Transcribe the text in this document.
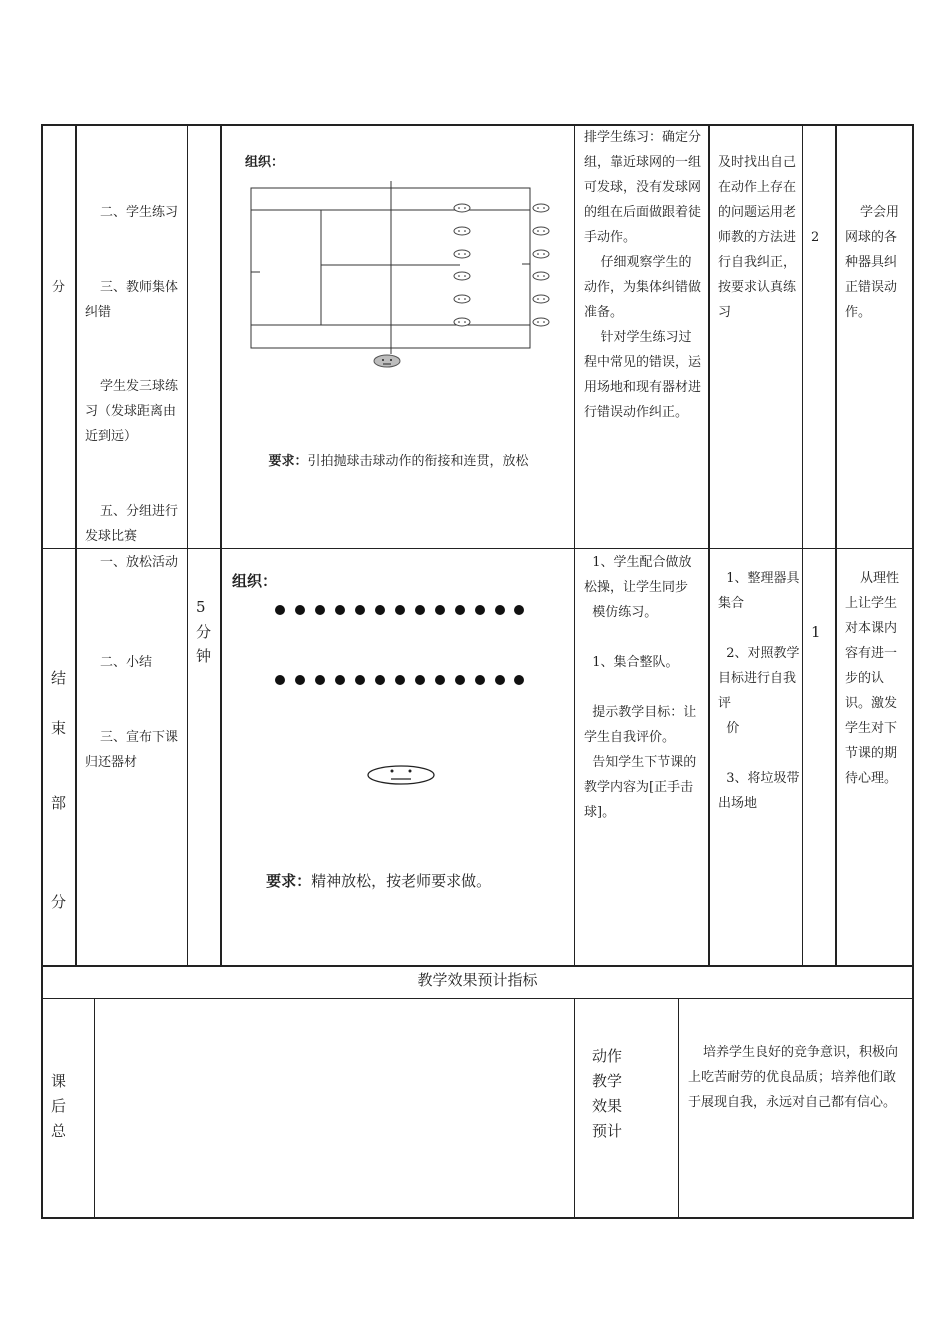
分
二、学生练习
三、教师集体纠错
学生发三球练习（发球距离由近到远）
五、分组进行发球比赛
组织：

要求：引拍抛球击球动作的衔接和连贯，放松

排学生练习：确定分组，靠近球网的一组可发球，没有发球网的组在后面做跟着徒手动作。
仔细观察学生的动作，为集体纠错做准备。
针对学生练习过程中常见的错误，运用场地和现有器材进行错误动作纠正。
及时找出自己在动作上存在的问题运用老师教的方法进行自我纠正，按要求认真练习
2
学会用网球的各种器具纠正错误动作。
结
束
部
分
一、放松活动
二、小结
三、宣布下课归还器材
5
分
钟
组织：

要求：精神放松，按老师要求做。

1、学生配合做放松操，让学生同步
模仿练习。

1、集合整队。

提示教学目标：让学生自我评价。
告知学生下节课的教学内容为[正手击球]。
1、整理器具集合

2、对照教学目标进行自我评
价

3、将垃圾带出场地
1
从理性上让学生对本课内容有进一步的认识。激发学生对下节课的期待心理。
教学效果预计指标
课
后
总
动作
教学
效果
预计
培养学生良好的竞争意识，积极向上吃苦耐劳的优良品质；培养他们敢于展现自我，永远对自己都有信心。
